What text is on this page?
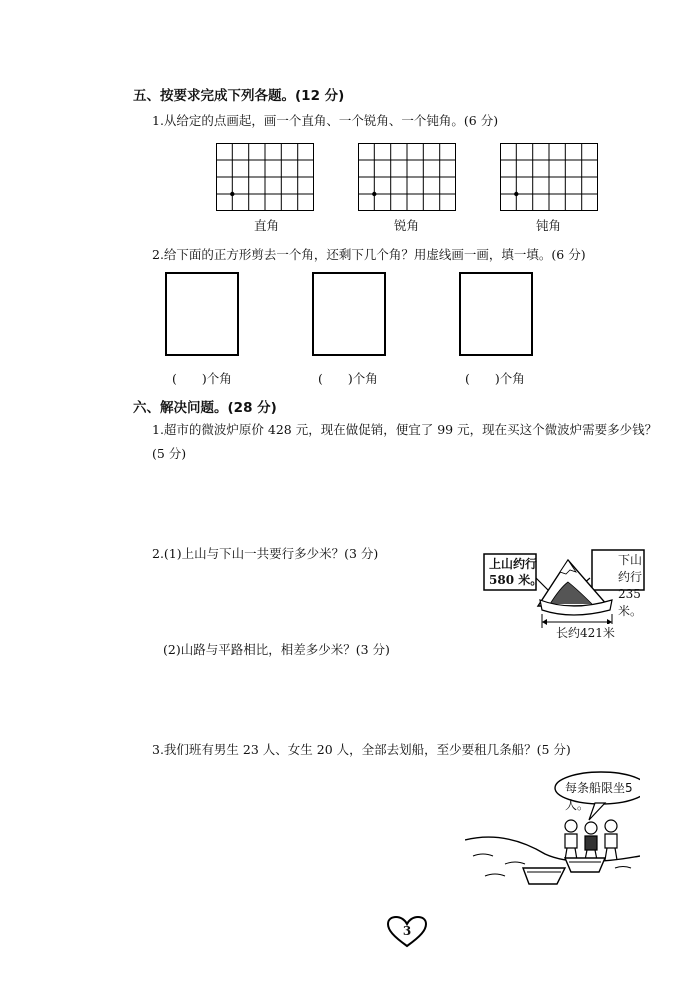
五、按要求完成下列各题。(12 分)
1.从给定的点画起，画一个直角、一个锐角、一个钝角。(6 分)
直角	锐角	钝角
2.给下面的正方形剪去一个角，还剩下几个角？用虚线画一画，填一填。(6 分)
(　　)个角	(　　)个角	(　　)个角
六、解决问题。(28 分)
1.超市的微波炉原价 428 元，现在做促销，便宜了 99 元，现在买这个微波炉需要多少钱？
(5 分)
2.(1)上山与下山一共要行多少米？(3 分)
上山约行
580 米。
下山约行
235米。
长约421米
(2)山路与平路相比，相差多少米？(3 分)
3.我们班有男生 23 人、女生 20 人，全部去划船，至少要租几条船？(5 分)
每条船限坐5人。
3
